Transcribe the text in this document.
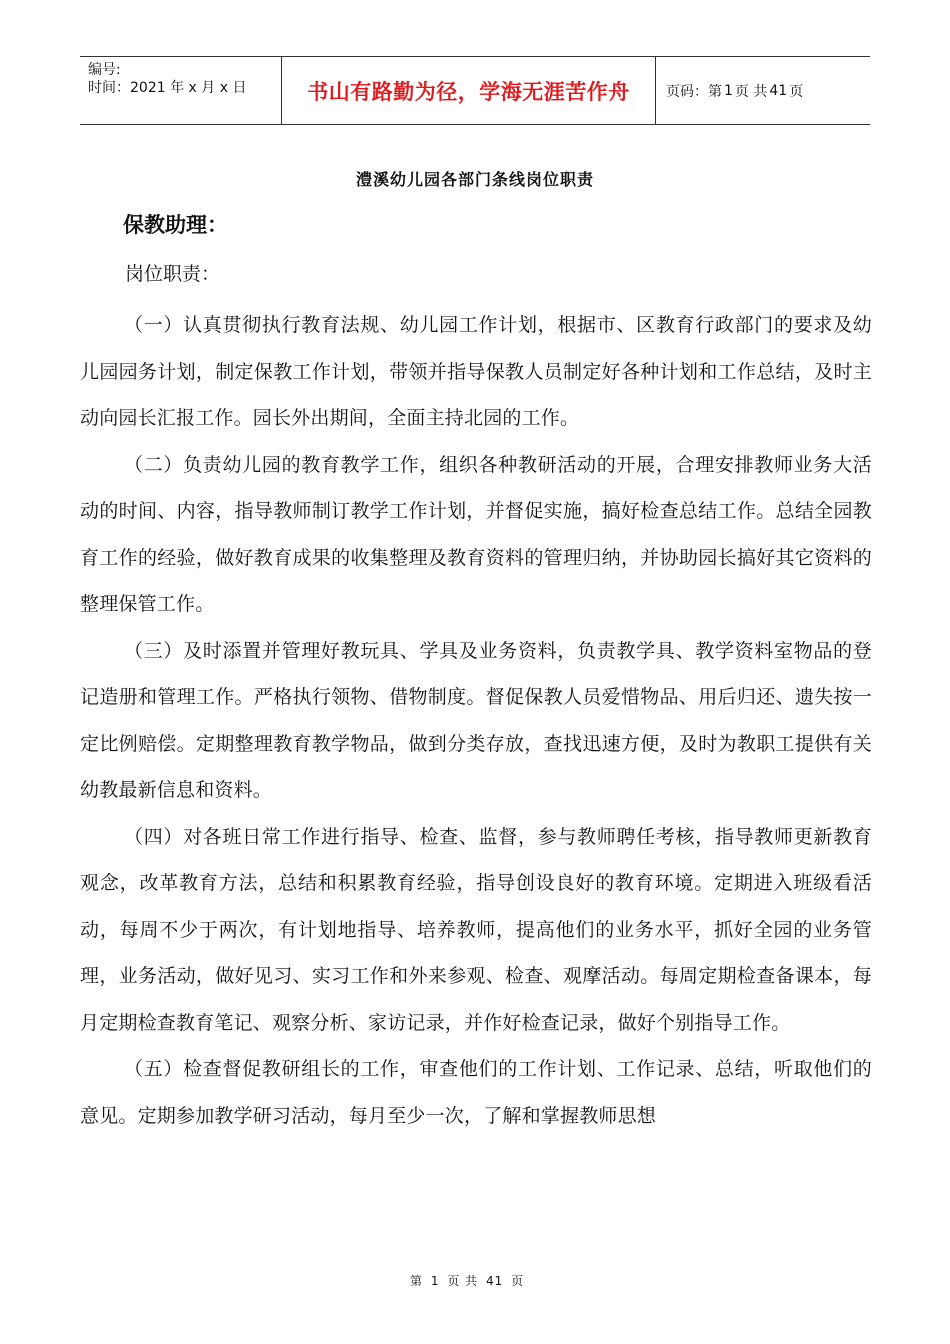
编号:
时间：2021 年 x 月 x 日	书山有路勤为径，学海无涯苦作舟	页码：第 1 页 共 41 页
澧溪幼儿园各部门条线岗位职责
保教助理：
岗位职责：

（一）认真贯彻执行教育法规、幼儿园工作计划，根据市、区教育行政部门的要求及幼儿园园务计划，制定保教工作计划，带领并指导保教人员制定好各种计划和工作总结，及时主动向园长汇报工作。园长外出期间，全面主持北园的工作。

（二）负责幼儿园的教育教学工作，组织各种教研活动的开展，合理安排教师业务大活动的时间、内容，指导教师制订教学工作计划，并督促实施，搞好检查总结工作。总结全园教育工作的经验，做好教育成果的收集整理及教育资料的管理归纳，并协助园长搞好其它资料的整理保管工作。

（三）及时添置并管理好教玩具、学具及业务资料，负责教学具、教学资料室物品的登记造册和管理工作。严格执行领物、借物制度。督促保教人员爱惜物品、用后归还、遗失按一定比例赔偿。定期整理教育教学物品，做到分类存放，查找迅速方便，及时为教职工提供有关幼教最新信息和资料。

（四）对各班日常工作进行指导、检查、监督，参与教师聘任考核，指导教师更新教育观念，改革教育方法，总结和积累教育经验，指导创设良好的教育环境。定期进入班级看活动，每周不少于两次，有计划地指导、培养教师，提高他们的业务水平，抓好全园的业务管理，业务活动，做好见习、实习工作和外来参观、检查、观摩活动。每周定期检查备课本，每月定期检查教育笔记、观察分析、家访记录，并作好检查记录，做好个别指导工作。

（五）检查督促教研组长的工作，审查他们的工作计划、工作记录、总结，听取他们的意见。定期参加教学研习活动，每月至少一次，了解和掌握教师思想

第 1 页 共 41 页
